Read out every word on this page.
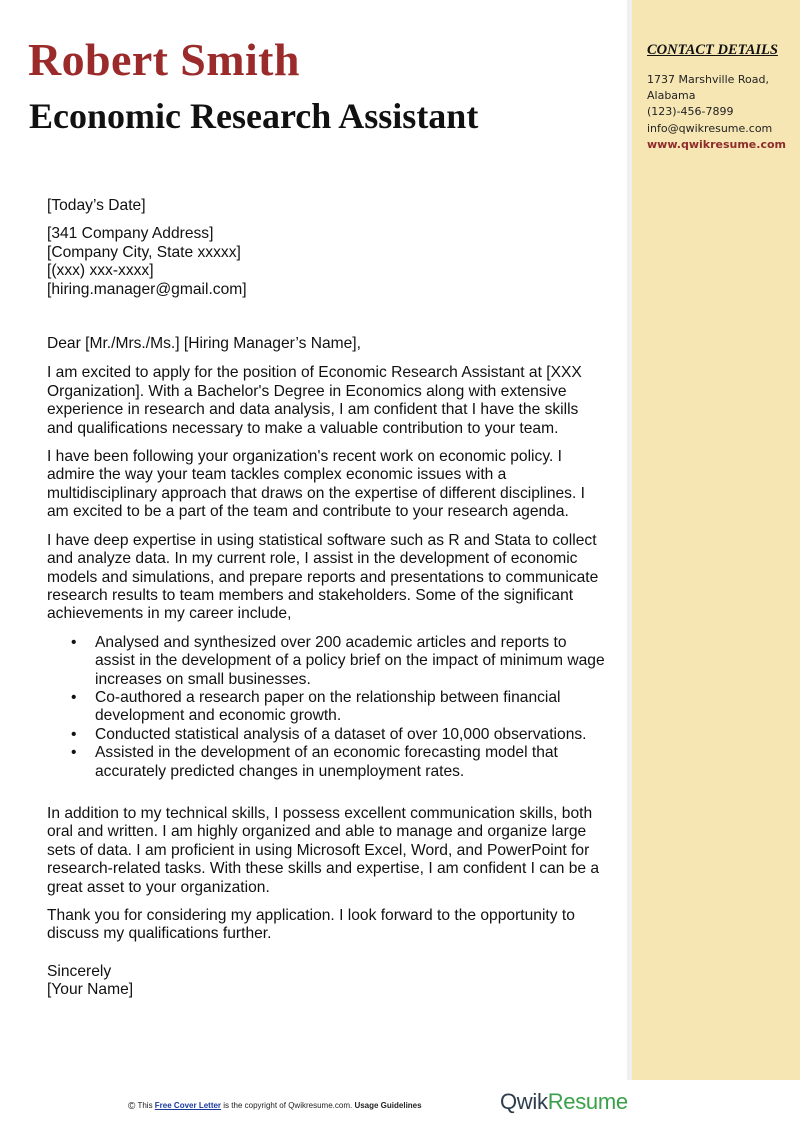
CONTACT DETAILS
1737 Marshville Road,
Alabama
(123)-456-7899
info@qwikresume.com
www.qwikresume.com
Robert Smith
Economic Research Assistant

[Today’s Date]

[341 Company Address]

[Company City, State xxxxx]

[(xxx) xxx-xxxx]

[hiring.manager@gmail.com]

Dear [Mr./Mrs./Ms.] [Hiring Manager’s Name],

I am excited to apply for the position of Economic Research Assistant at [XXX Organization]. With a Bachelor's Degree in Economics along with extensive experience in research and data analysis, I am confident that I have the skills and qualifications necessary to make a valuable contribution to your team.

I have been following your organization's recent work on economic policy. I admire the way your team tackles complex economic issues with a multidisciplinary approach that draws on the expertise of different disciplines. I am excited to be a part of the team and contribute to your research agenda.

I have deep expertise in using statistical software such as R and Stata to collect and analyze data. In my current role, I assist in the development of economic models and simulations, and prepare reports and presentations to communicate research results to team members and stakeholders. Some of the significant achievements in my career include,

• Analysed and synthesized over 200 academic articles and reports to assist in the development of a policy brief on the impact of minimum wage increases on small businesses.
• Co-authored a research paper on the relationship between financial development and economic growth.
• Conducted statistical analysis of a dataset of over 10,000 observations.
• Assisted in the development of an economic forecasting model that accurately predicted changes in unemployment rates.

In addition to my technical skills, I possess excellent communication skills, both oral and written. I am highly organized and able to manage and organize large sets of data. I am proficient in using Microsoft Excel, Word, and PowerPoint for research-related tasks. With these skills and expertise, I am confident I can be a great asset to your organization.

Thank you for considering my application. I look forward to the opportunity to discuss my qualifications further.

Sincerely

[Your Name]

© This Free Cover Letter is the copyright of Qwikresume.com. Usage Guidelines	QwikResume
